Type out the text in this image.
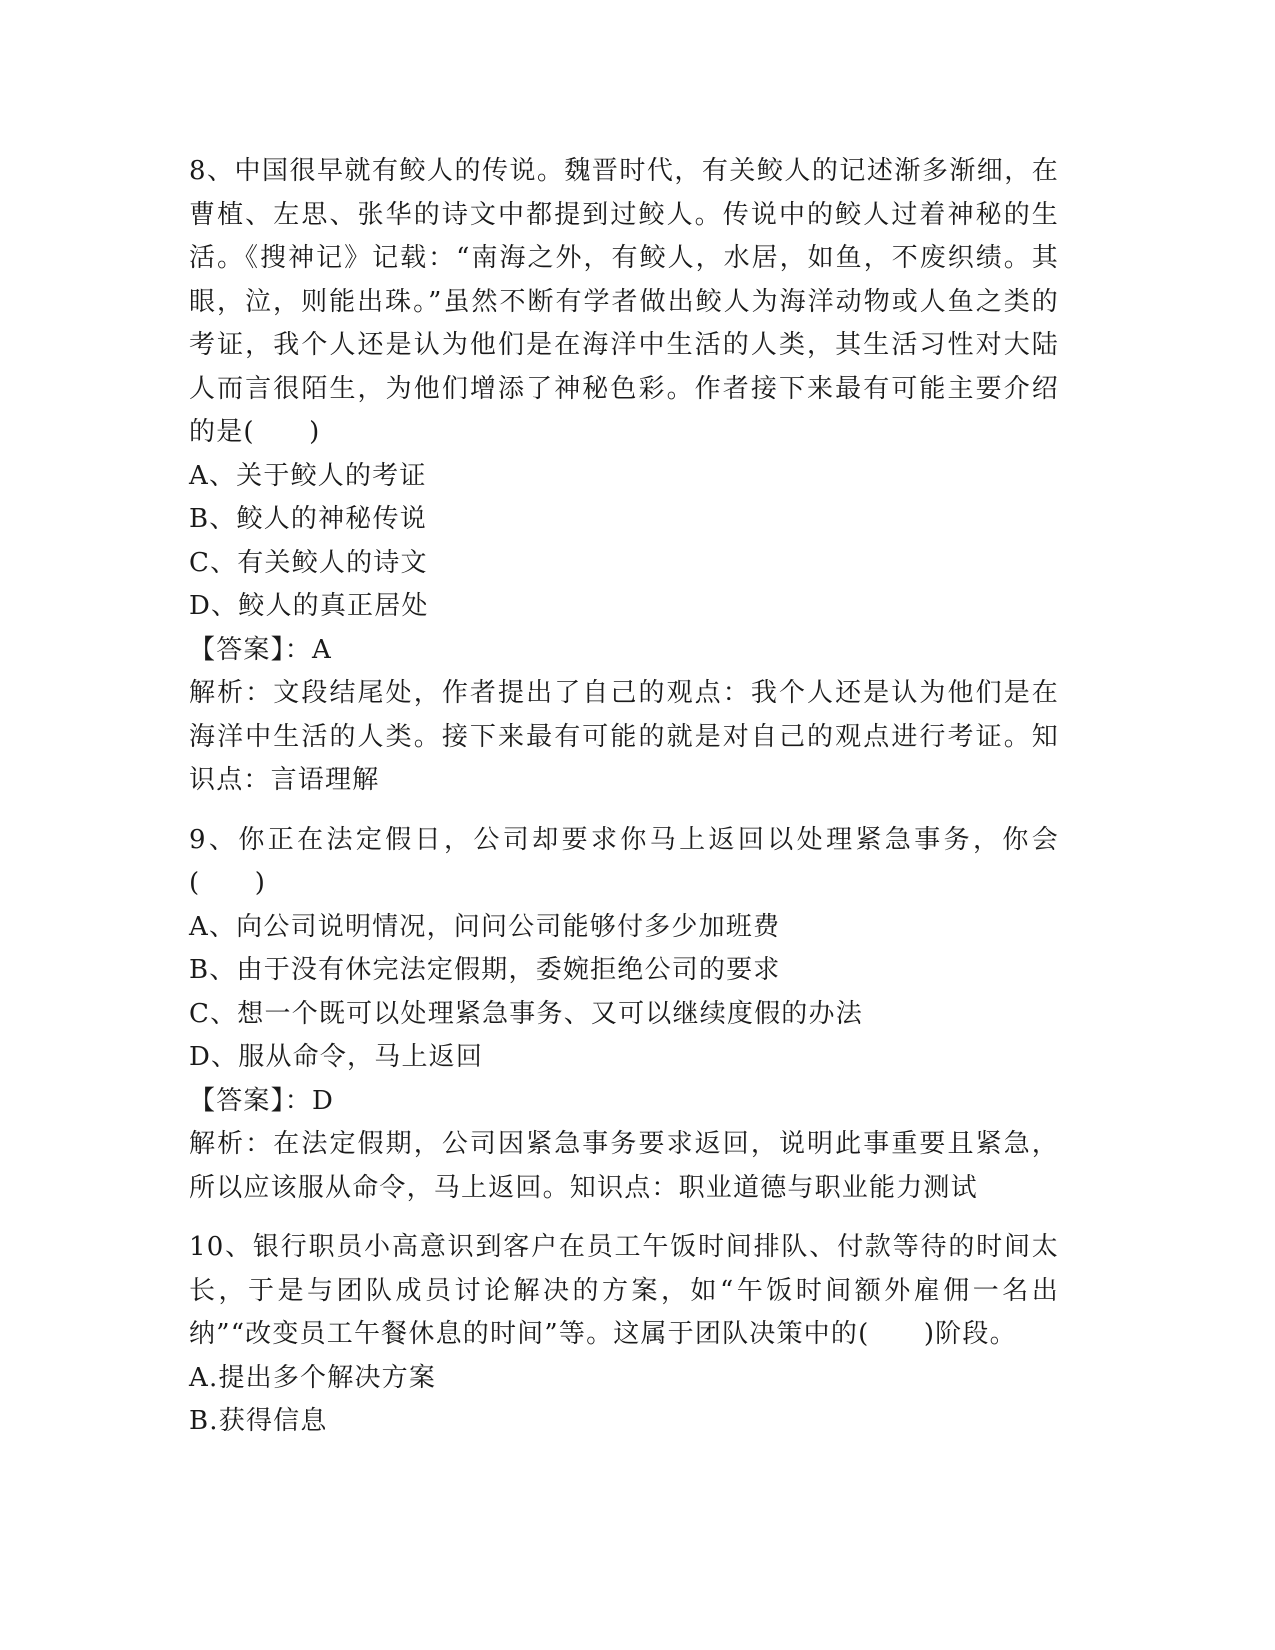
8、中国很早就有鲛人的传说。魏晋时代，有关鲛人的记述渐多渐细，在曹植、左思、张华的诗文中都提到过鲛人。传说中的鲛人过着神秘的生活。《搜神记》记载：“南海之外，有鲛人，水居，如鱼，不废织绩。其眼，泣，则能出珠。”虽然不断有学者做出鲛人为海洋动物或人鱼之类的考证，我个人还是认为他们是在海洋中生活的人类，其生活习性对大陆人而言很陌生，为他们增添了神秘色彩。作者接下来最有可能主要介绍的是(　　)

A、关于鲛人的考证

B、鲛人的神秘传说

C、有关鲛人的诗文

D、鲛人的真正居处

【答案】：A

解析：文段结尾处，作者提出了自己的观点：我个人还是认为他们是在海洋中生活的人类。接下来最有可能的就是对自己的观点进行考证。知识点：言语理解

9、你正在法定假日，公司却要求你马上返回以处理紧急事务，你会(　　)

A、向公司说明情况，问问公司能够付多少加班费

B、由于没有休完法定假期，委婉拒绝公司的要求

C、想一个既可以处理紧急事务、又可以继续度假的办法

D、服从命令，马上返回

【答案】：D

解析：在法定假期，公司因紧急事务要求返回，说明此事重要且紧急，所以应该服从命令，马上返回。知识点：职业道德与职业能力测试

10、银行职员小高意识到客户在员工午饭时间排队、付款等待的时间太长，于是与团队成员讨论解决的方案，如“午饭时间额外雇佣一名出纳”“改变员工午餐休息的时间”等。这属于团队决策中的(　　)阶段。

A.提出多个解决方案

B.获得信息
